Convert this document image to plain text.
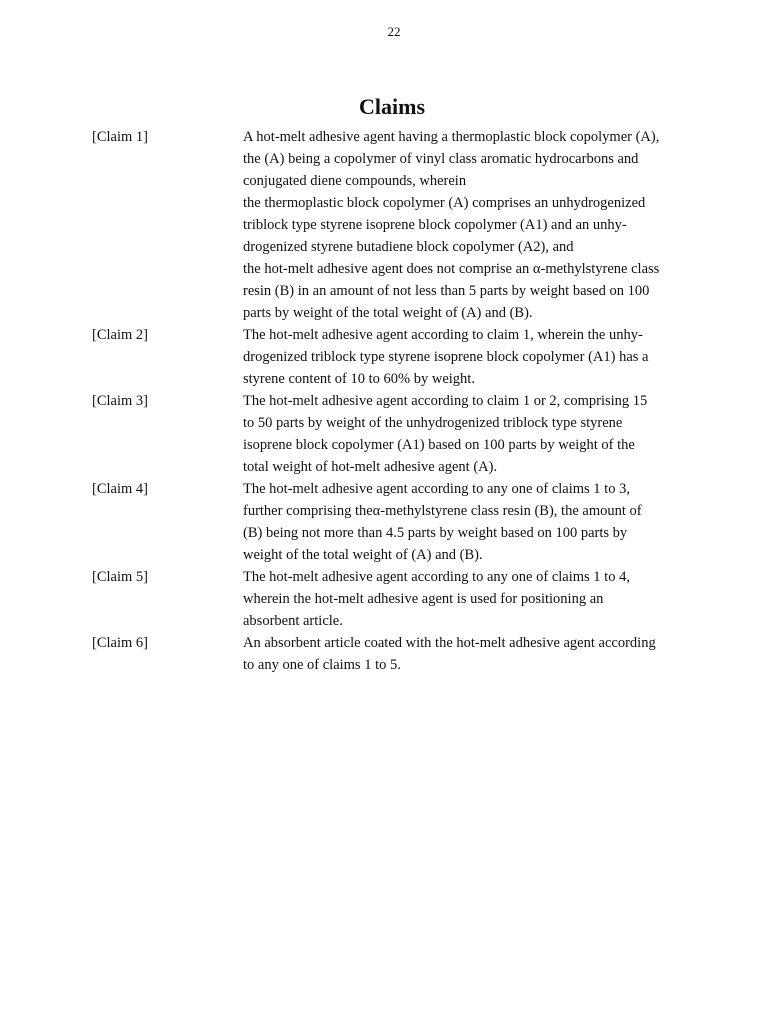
22
Claims
[Claim 1]	A hot-melt adhesive agent having a thermoplastic block copolymer (A),
the (A) being a copolymer of vinyl class aromatic hydrocarbons and
conjugated diene compounds, wherein
the thermoplastic block copolymer (A) comprises an unhydrogenized
triblock type styrene isoprene block copolymer (A1) and an unhy-
drogenized styrene butadiene block copolymer (A2), and
the hot-melt adhesive agent does not comprise an α-methylstyrene class
resin (B) in an amount of not less than 5 parts by weight based on 100
parts by weight of the total weight of (A) and (B).
[Claim 2]	The hot-melt adhesive agent according to claim 1, wherein the unhy-
drogenized triblock type styrene isoprene block copolymer (A1) has a
styrene content of 10 to 60% by weight.
[Claim 3]	The hot-melt adhesive agent according to claim 1 or 2, comprising 15
to 50 parts by weight of the unhydrogenized triblock type styrene
isoprene block copolymer (A1) based on 100 parts by weight of the
total weight of hot-melt adhesive agent (A).
[Claim 4]	The hot-melt adhesive agent according to any one of claims 1 to 3,
further comprising theα-methylstyrene class resin (B), the amount of
(B) being not more than 4.5 parts by weight based on 100 parts by
weight of the total weight of (A) and (B).
[Claim 5]	The hot-melt adhesive agent according to any one of claims 1 to 4,
wherein the hot-melt adhesive agent is used for positioning an
absorbent article.
[Claim 6]	An absorbent article coated with the hot-melt adhesive agent according
to any one of claims 1 to 5.
